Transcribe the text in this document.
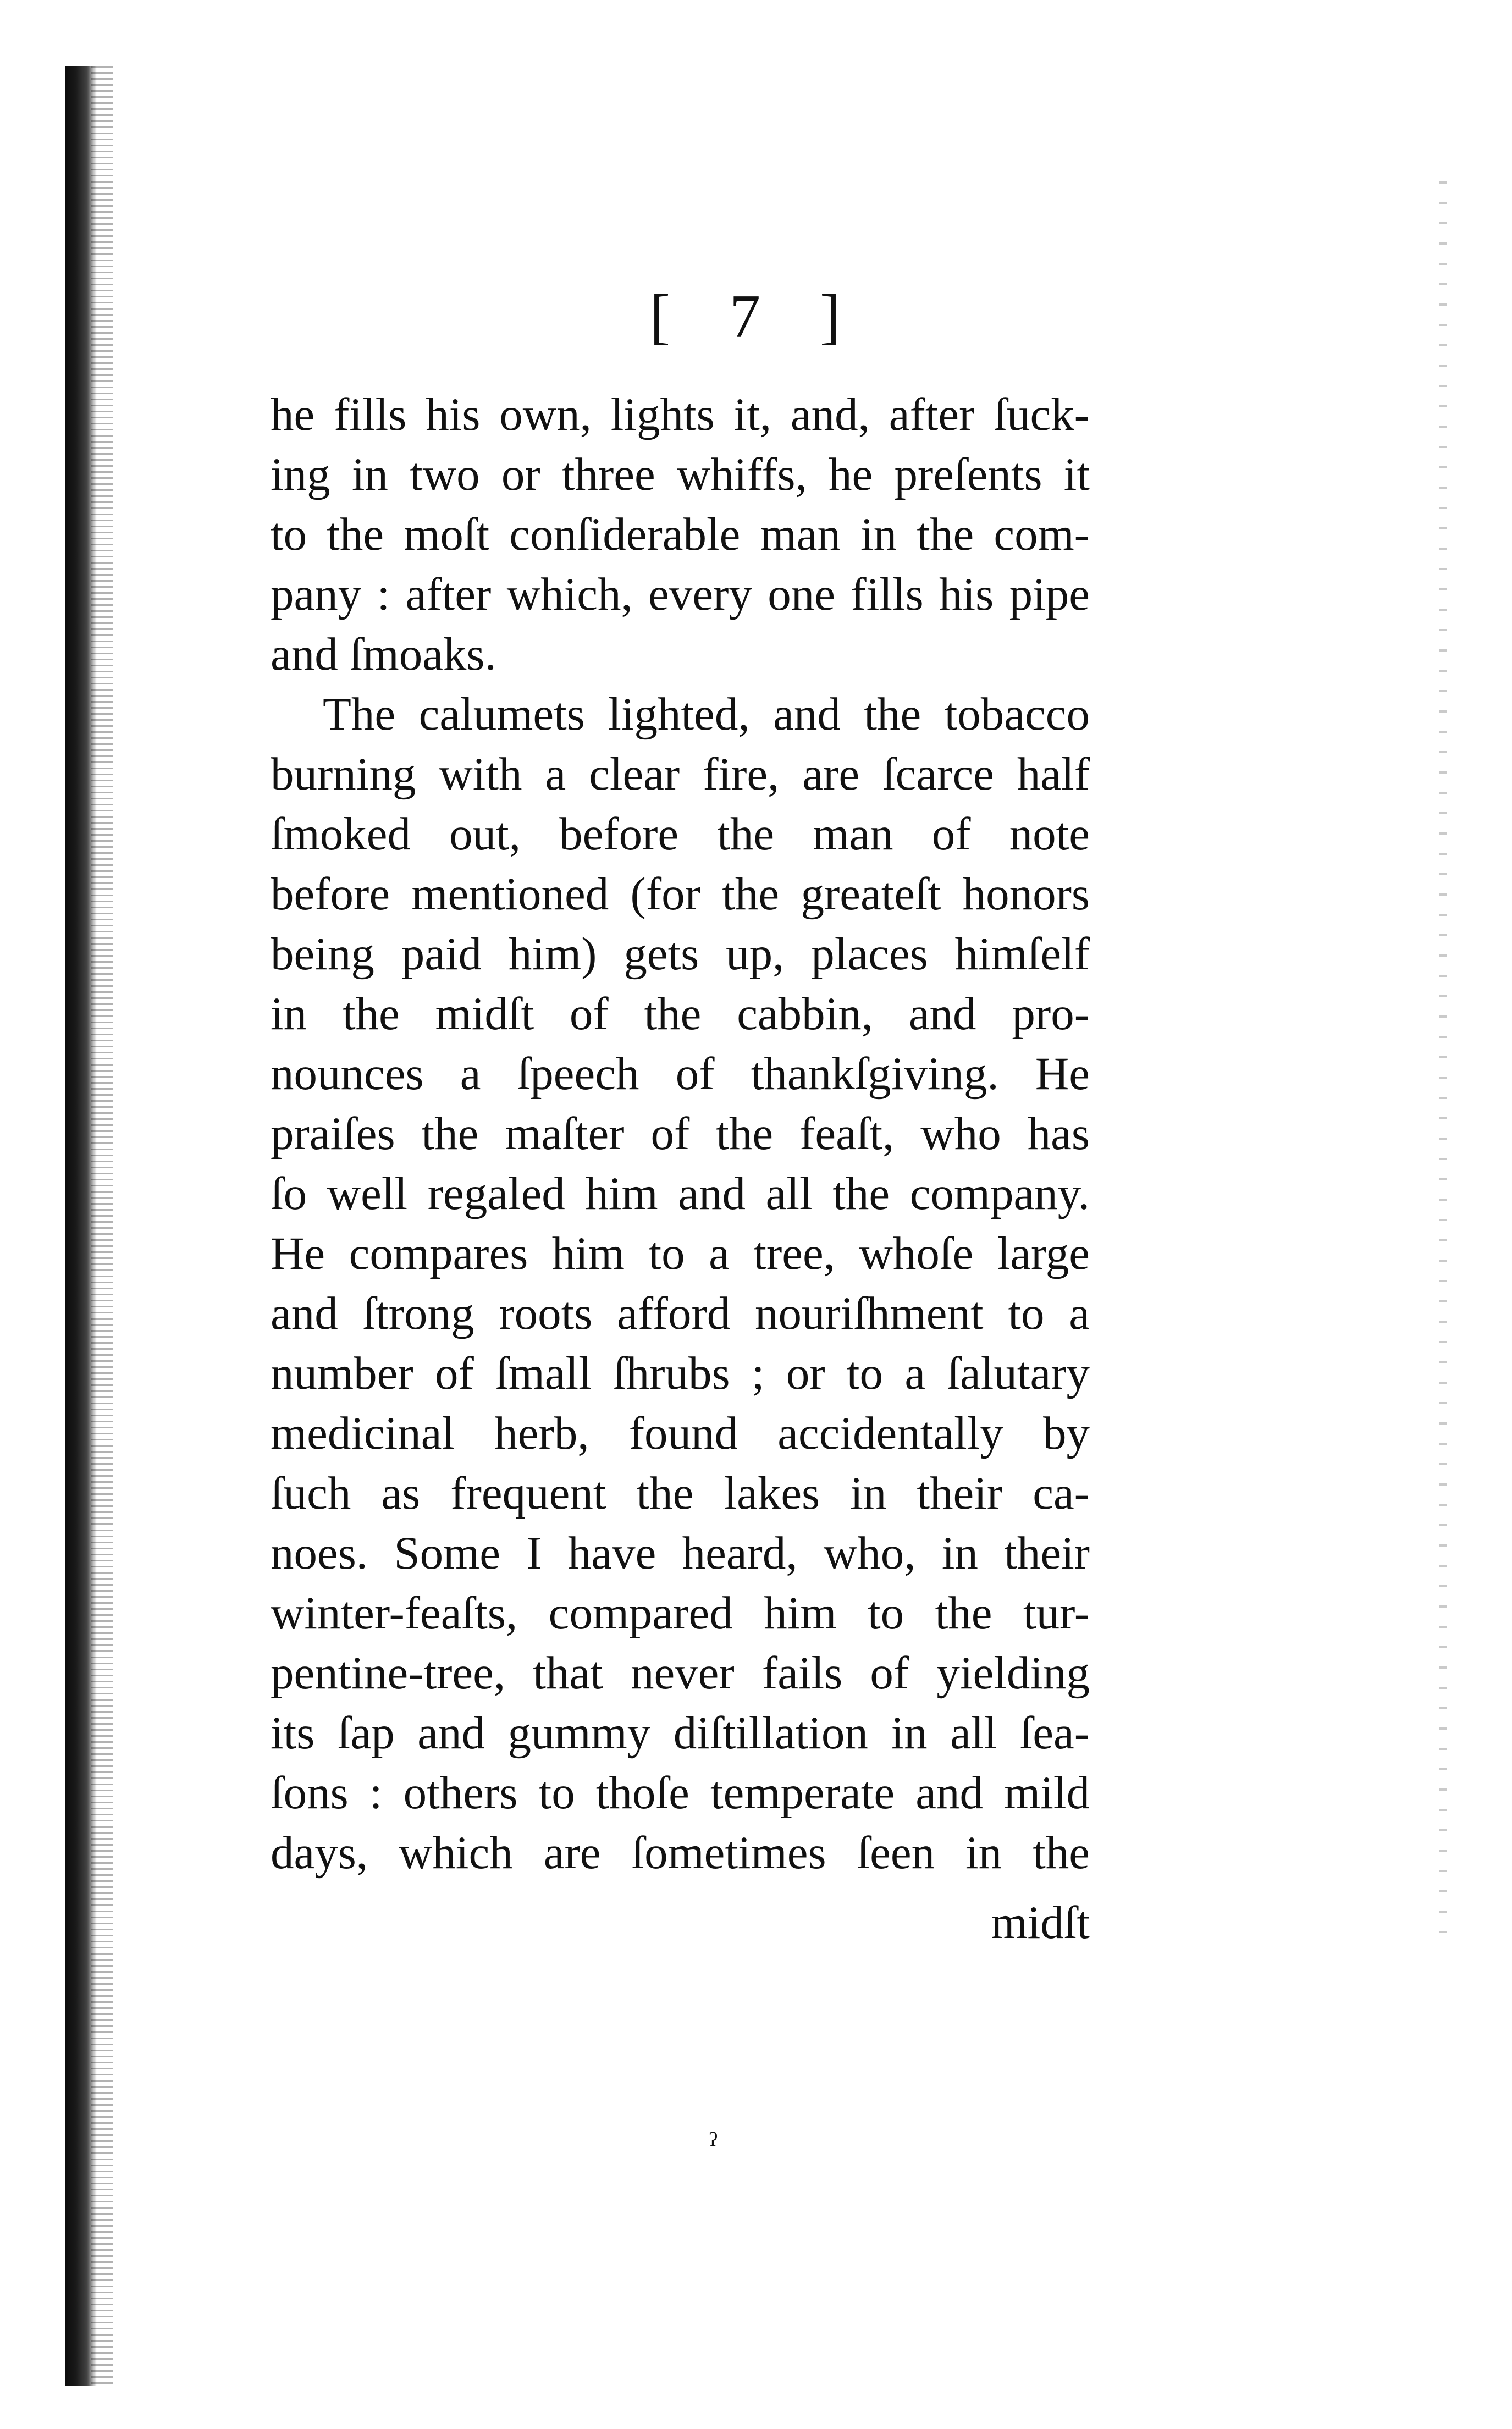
[ 7 ]
he fills his own, lights it, and, after ſuck-
ing in two or three whiffs, he preſents it
to the moſt conſiderable man in the com-
pany : after which, every one fills his pipe
and ſmoaks.
The calumets lighted, and the tobacco
burning with a clear fire, are ſcarce half
ſmoked out, before the man of note
before mentioned (for the greateſt honors
being paid him) gets up, places himſelf
in the midſt of the cabbin, and pro-
nounces a ſpeech of thankſgiving. He
praiſes the maſter of the feaſt, who has
ſo well regaled him and all the company.
He compares him to a tree, whoſe large
and ſtrong roots afford nouriſhment to a
number of ſmall ſhrubs ; or to a ſalutary
medicinal herb, found accidentally by
ſuch as frequent the lakes in their ca-
noes. Some I have heard, who, in their
winter-feaſts, compared him to the tur-
pentine-tree, that never fails of yielding
its ſap and gummy diſtillation in all ſea-
ſons : others to thoſe temperate and mild
days, which are ſometimes ſeen in the
midſt
ˀ
